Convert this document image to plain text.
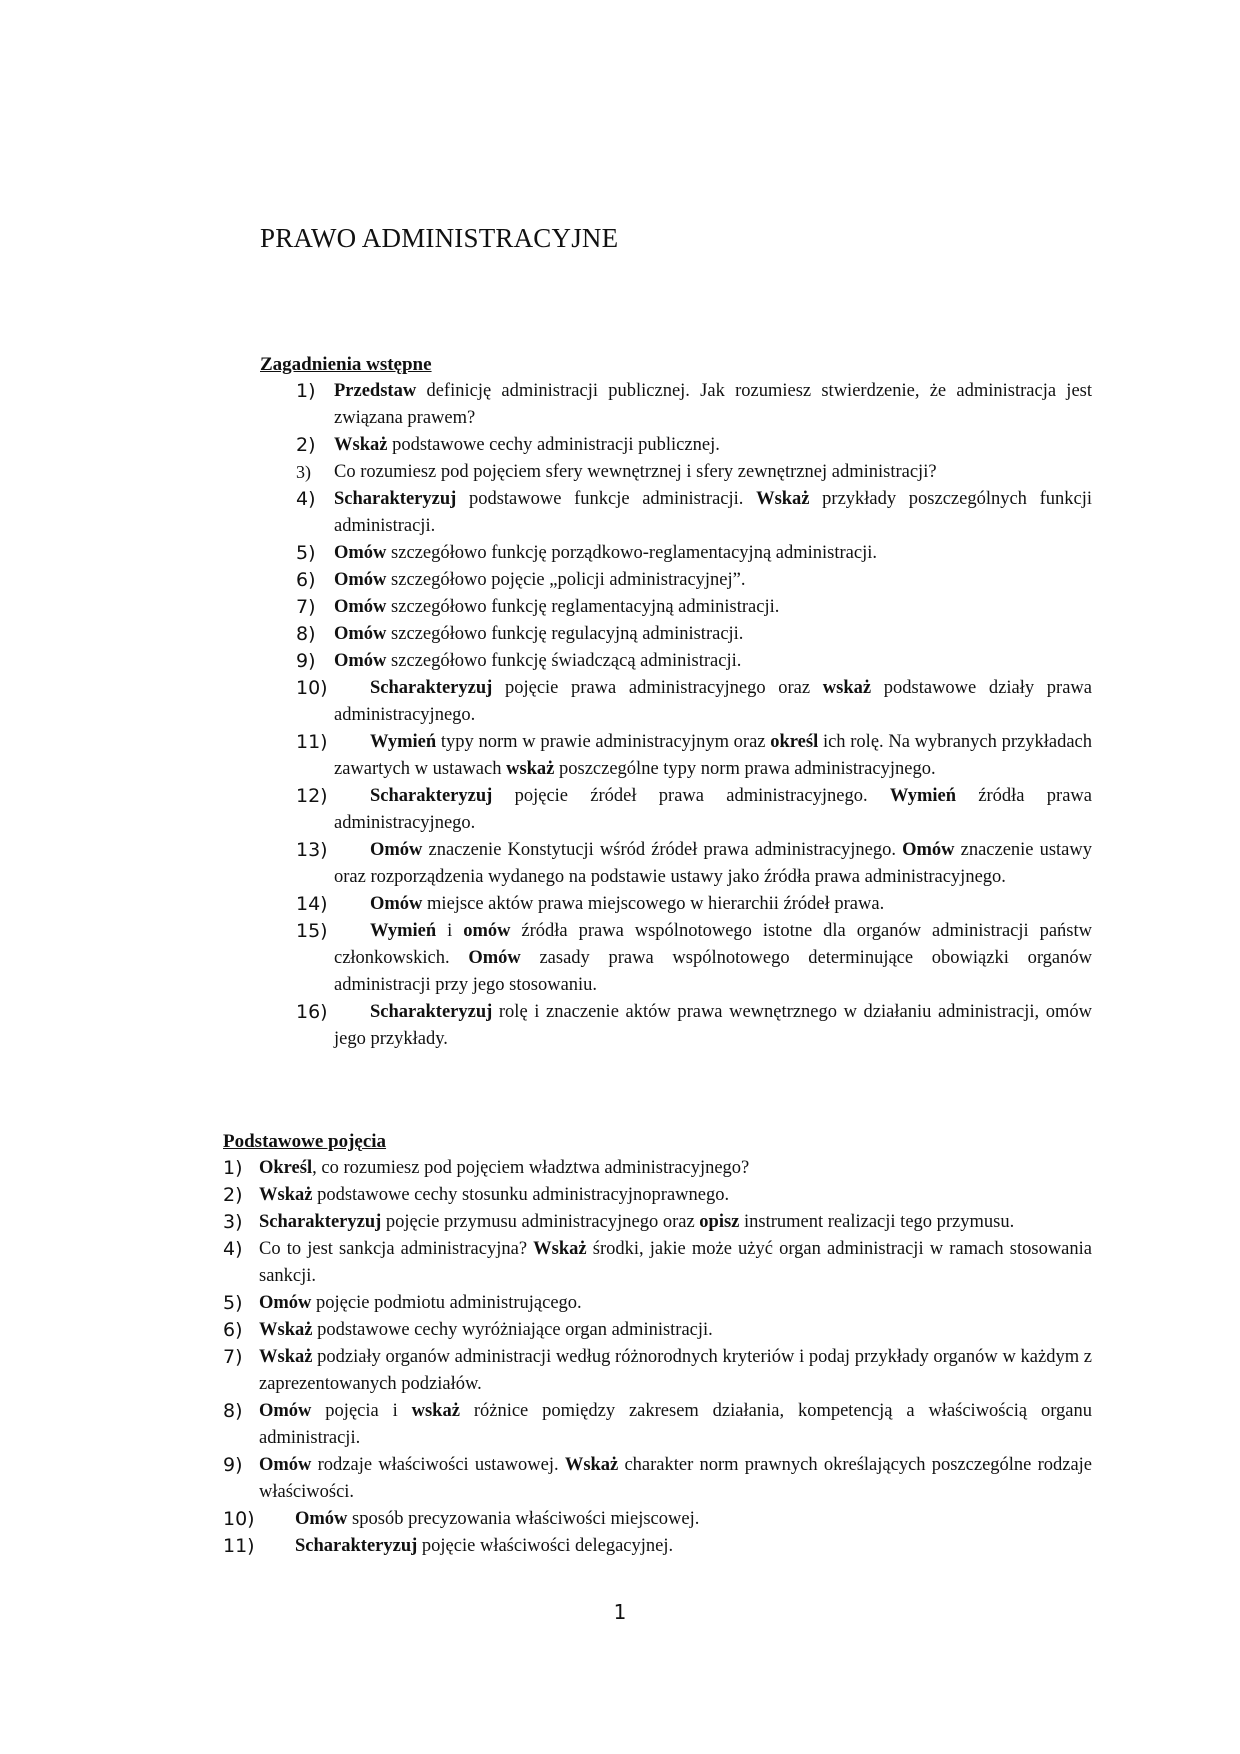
PRAWO ADMINISTRACYJNE

Zagadnienia wstępne

1) Przedstaw definicję administracji publicznej. Jak rozumiesz stwierdzenie, że administracja jest związana prawem?
2) Wskaż podstawowe cechy administracji publicznej.
3) Co rozumiesz pod pojęciem sfery wewnętrznej i sfery zewnętrznej administracji?
4) Scharakteryzuj podstawowe funkcje administracji. Wskaż przykłady poszczególnych funkcji administracji.
5) Omów szczegółowo funkcję porządkowo-reglamentacyjną administracji.
6) Omów szczegółowo pojęcie „policji administracyjnej”.
7) Omów szczegółowo funkcję reglamentacyjną administracji.
8) Omów szczegółowo funkcję regulacyjną administracji.
9) Omów szczegółowo funkcję świadczącą administracji.
10)	Scharakteryzuj pojęcie prawa administracyjnego oraz wskaż podstawowe działy prawa administracyjnego.
11)	Wymień typy norm w prawie administracyjnym oraz określ ich rolę. Na wybranych przykładach zawartych w ustawach wskaż poszczególne typy norm prawa administracyjnego.
12)	Scharakteryzuj pojęcie źródeł prawa administracyjnego. Wymień źródła prawa administracyjnego.
13)	Omów znaczenie Konstytucji wśród źródeł prawa administracyjnego. Omów znaczenie ustawy oraz rozporządzenia wydanego na podstawie ustawy jako źródła prawa administracyjnego.
14)	Omów miejsce aktów prawa miejscowego w hierarchii źródeł prawa.
15)	Wymień i omów źródła prawa wspólnotowego istotne dla organów administracji państw członkowskich. Omów zasady prawa wspólnotowego determinujące obowiązki organów administracji przy jego stosowaniu.
16)	Scharakteryzuj rolę i znaczenie aktów prawa wewnętrznego w działaniu administracji, omów jego przykłady.

Podstawowe pojęcia

1) Określ, co rozumiesz pod pojęciem władztwa administracyjnego?
2) Wskaż podstawowe cechy stosunku administracyjnoprawnego.
3) Scharakteryzuj pojęcie przymusu administracyjnego oraz opisz instrument realizacji tego przymusu.
4) Co to jest sankcja administracyjna? Wskaż środki, jakie może użyć organ administracji w ramach stosowania sankcji.
5) Omów pojęcie podmiotu administrującego.
6) Wskaż podstawowe cechy wyróżniające organ administracji.
7) Wskaż podziały organów administracji według różnorodnych kryteriów i podaj przykłady organów w każdym z zaprezentowanych podziałów.
8) Omów pojęcia i wskaż różnice pomiędzy zakresem działania, kompetencją a właściwością organu administracji.
9) Omów rodzaje właściwości ustawowej. Wskaż charakter norm prawnych określających poszczególne rodzaje właściwości.
10)	Omów sposób precyzowania właściwości miejscowej.
11)	Scharakteryzuj pojęcie właściwości delegacyjnej.
1
